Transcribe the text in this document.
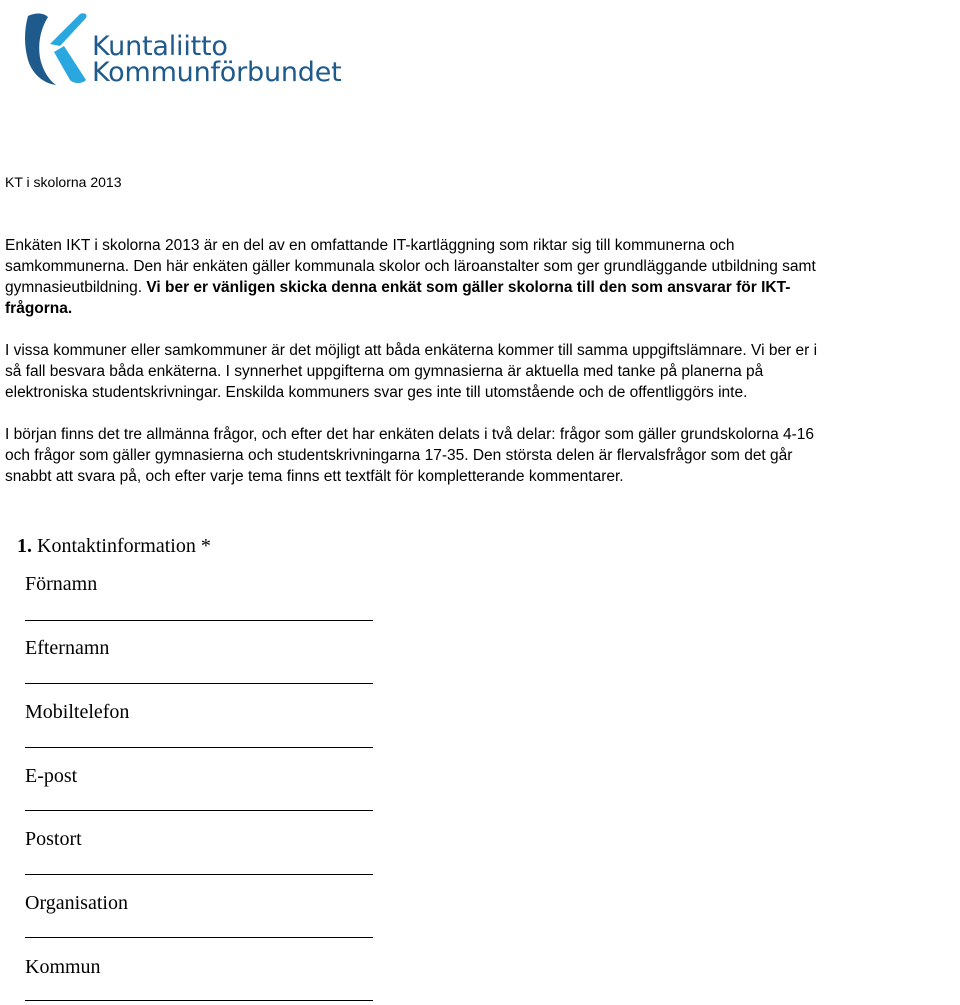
Kuntaliitto
Kommunförbundet
KT i skolorna 2013
Enkäten IKT i skolorna 2013 är en del av en omfattande IT-kartläggning som riktar sig till kommunerna och
samkommunerna. Den här enkäten gäller kommunala skolor och läroanstalter som ger grundläggande utbildning samt
gymnasieutbildning. Vi ber er vänligen skicka denna enkät som gäller skolorna till den som ansvarar för IKT-
frågorna.
I vissa kommuner eller samkommuner är det möjligt att båda enkäterna kommer till samma uppgiftslämnare. Vi ber er i
så fall besvara båda enkäterna. I synnerhet uppgifterna om gymnasierna är aktuella med tanke på planerna på
elektroniska studentskrivningar. Enskilda kommuners svar ges inte till utomstående och de offentliggörs inte.
I början finns det tre allmänna frågor, och efter det har enkäten delats i två delar: frågor som gäller grundskolorna 4-16
och frågor som gäller gymnasierna och studentskrivningarna 17-35. Den största delen är flervalsfrågor som det går
snabbt att svara på, och efter varje tema finns ett textfält för kompletterande kommentarer.
1. Kontaktinformation *
Förnamn
Efternamn
Mobiltelefon
E-post
Postort
Organisation
Kommun
